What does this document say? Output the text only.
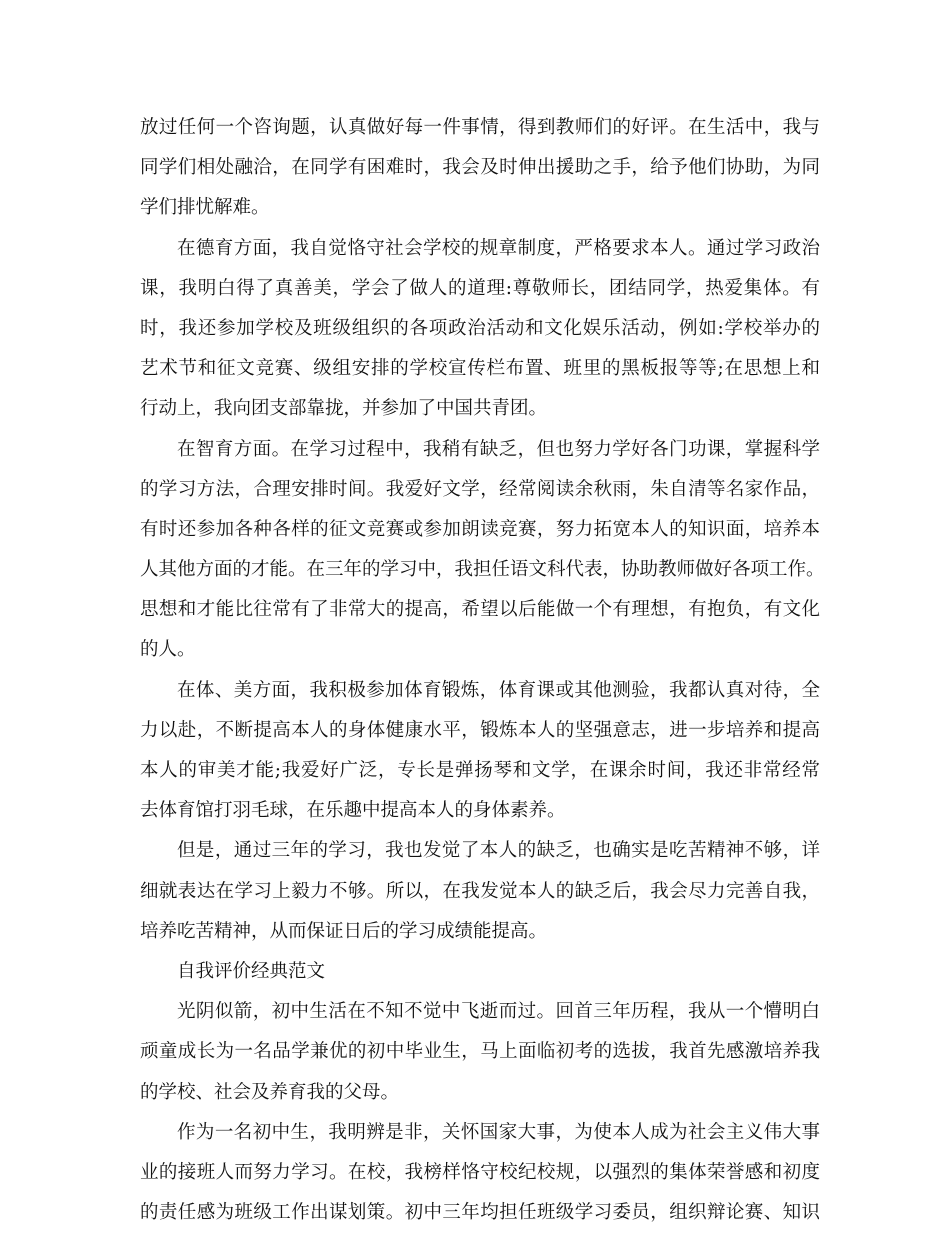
放过任何一个咨询题，认真做好每一件事情，得到教师们的好评。在生活中，我与
同学们相处融洽，在同学有困难时，我会及时伸出援助之手，给予他们协助，为同
学们排忧解难。
在德育方面，我自觉恪守社会学校的规章制度，严格要求本人。通过学习政治
课，我明白得了真善美，学会了做人的道理:尊敬师长，团结同学，热爱集体。有
时，我还参加学校及班级组织的各项政治活动和文化娱乐活动，例如:学校举办的
艺术节和征文竞赛、级组安排的学校宣传栏布置、班里的黑板报等等;在思想上和
行动上，我向团支部靠拢，并参加了中国共青团。
在智育方面。在学习过程中，我稍有缺乏，但也努力学好各门功课，掌握科学
的学习方法，合理安排时间。我爱好文学，经常阅读余秋雨，朱自清等名家作品，
有时还参加各种各样的征文竞赛或参加朗读竞赛，努力拓宽本人的知识面，培养本
人其他方面的才能。在三年的学习中，我担任语文科代表，协助教师做好各项工作。
思想和才能比往常有了非常大的提高，希望以后能做一个有理想，有抱负，有文化
的人。
在体、美方面，我积极参加体育锻炼，体育课或其他测验，我都认真对待，全
力以赴，不断提高本人的身体健康水平，锻炼本人的坚强意志，进一步培养和提高
本人的审美才能;我爱好广泛，专长是弹扬琴和文学，在课余时间，我还非常经常
去体育馆打羽毛球，在乐趣中提高本人的身体素养。
但是，通过三年的学习，我也发觉了本人的缺乏，也确实是吃苦精神不够，详
细就表达在学习上毅力不够。所以，在我发觉本人的缺乏后，我会尽力完善自我，
培养吃苦精神，从而保证日后的学习成绩能提高。
自我评价经典范文
光阴似箭，初中生活在不知不觉中飞逝而过。回首三年历程，我从一个懵明白
顽童成长为一名品学兼优的初中毕业生，马上面临初考的选拔，我首先感激培养我
的学校、社会及养育我的父母。
作为一名初中生，我明辨是非，关怀国家大事，为使本人成为社会主义伟大事
业的接班人而努力学习。在校，我榜样恪守校纪校规，以强烈的集体荣誉感和初度
的责任感为班级工作出谋划策。初中三年均担任班级学习委员，组织辩论赛、知识
